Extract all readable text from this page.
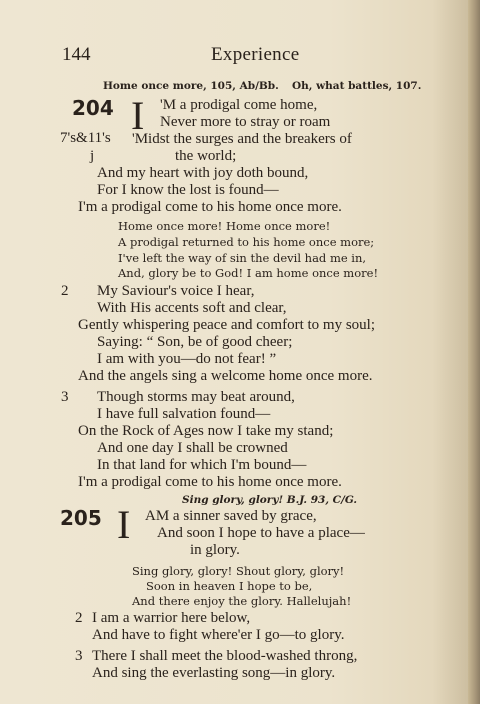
144	Experience
Home once more, 105, Ab/Bb. Oh, what battles, 107.
204 I 'M a prodigal come home,
Never more to stray or roam
7's&11's 'Midst the surges and the breakers of
j	the world;
And my heart with joy doth bound,
For I know the lost is found—
I'm a prodigal come to his home once more.
Home once more! Home once more!
A prodigal returned to his home once more;
I've left the way of sin the devil had me in,
And, glory be to God! I am home once more!
2 My Saviour's voice I hear,
With His accents soft and clear,
Gently whispering peace and comfort to my soul;
Saying: “ Son, be of good cheer;
I am with you—do not fear! ”
And the angels sing a welcome home once more.
3 Though storms may beat around,
I have full salvation found—
On the Rock of Ages now I take my stand;
And one day I shall be crowned
In that land for which I'm bound—
I'm a prodigal come to his home once more.
Sing glory, glory! B.J. 93, C/G.
205 I AM a sinner saved by grace,
And soon I hope to have a place—
in glory.
Sing glory, glory! Shout glory, glory!
Soon in heaven I hope to be,
And there enjoy the glory. Hallelujah!
2 I am a warrior here below,
And have to fight where'er I go—to glory.
3 There I shall meet the blood-washed throng,
And sing the everlasting song—in glory.
